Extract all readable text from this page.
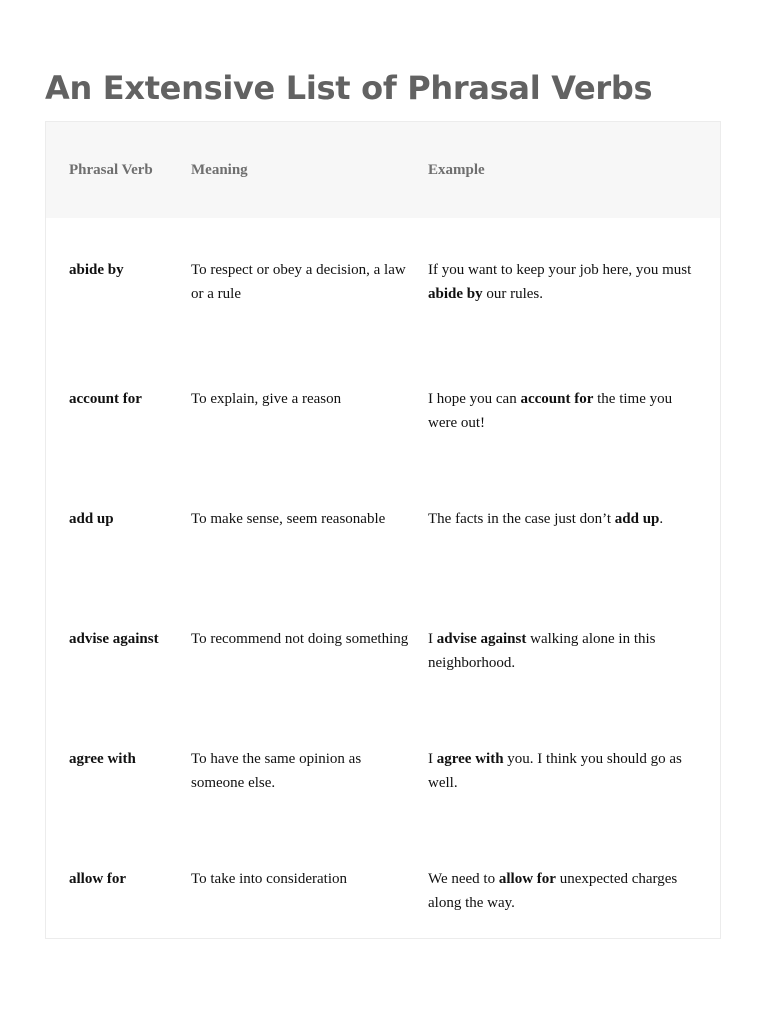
An Extensive List of Phrasal Verbs
Phrasal Verb	Meaning	Example
abide by	To respect or obey a decision, a law or a rule	If you want to keep your job here, you must abide by our rules.
account for	To explain, give a reason	I hope you can account for the time you were out!
add up	To make sense, seem reasonable	The facts in the case just don’t add up.
advise against	To recommend not doing something	I advise against walking alone in this neighborhood.
agree with	To have the same opinion as someone else.	I agree with you. I think you should go as well.
allow for	To take into consideration	We need to allow for unexpected charges along the way.
